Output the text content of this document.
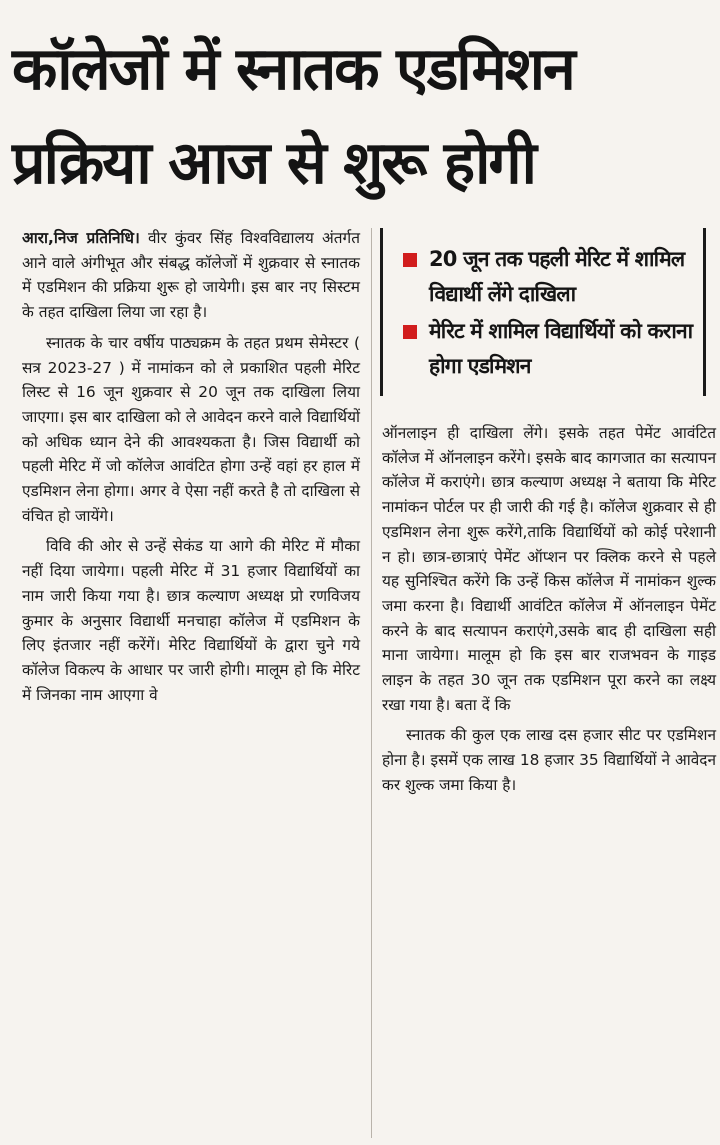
कॉलेजों में स्नातक एडमिशन
प्रक्रिया आज से शुरू होगी

आरा,निज प्रतिनिधि। वीर कुंवर सिंह विश्वविद्यालय अंतर्गत आने वाले अंगीभूत और संबद्ध कॉलेजों में शुक्रवार से स्नातक में एडमिशन की प्रक्रिया शुरू हो जायेगी। इस बार नए सिस्टम के तहत दाखिला लिया जा रहा है।

स्नातक के चार वर्षीय पाठ्यक्रम के तहत प्रथम सेमेस्टर ( सत्र 2023-27 ) में नामांकन को ले प्रकाशित पहली मेरिट लिस्ट से 16 जून शुक्रवार से 20 जून तक दाखिला लिया जाएगा। इस बार दाखिला को ले आवेदन करने वाले विद्यार्थियों को अधिक ध्यान देने की आवश्यकता है। जिस विद्यार्थी को पहली मेरिट में जो कॉलेज आवंटित होगा उन्हें वहां हर हाल में एडमिशन लेना होगा। अगर वे ऐसा नहीं करते है तो दाखिला से वंचित हो जायेंगे।

विवि की ओर से उन्हें सेकंड या आगे की मेरिट में मौका नहीं दिया जायेगा। पहली मेरिट में 31 हजार विद्यार्थियों का नाम जारी किया गया है। छात्र कल्याण अध्यक्ष प्रो रणविजय कुमार के अनुसार विद्यार्थी मनचाहा कॉलेज में एडमिशन के लिए इंतजार नहीं करेंगें। मेरिट विद्यार्थियों के द्वारा चुने गये कॉलेज विकल्प के आधार पर जारी होगी। मालूम हो कि मेरिट में जिनका नाम आएगा वे

20 जून तक पहली मेरिट में शामिल विद्यार्थी लेंगे दाखिला
मेरिट में शामिल विद्यार्थियों को कराना होगा एडमिशन

ऑनलाइन ही दाखिला लेंगे। इसके तहत पेमेंट आवंटित कॉलेज में ऑनलाइन करेंगे। इसके बाद कागजात का सत्यापन कॉलेज में कराएंगे। छात्र कल्याण अध्यक्ष ने बताया कि मेरिट नामांकन पोर्टल पर ही जारी की गई है। कॉलेज शुक्रवार से ही एडमिशन लेना शुरू करेंगे,ताकि विद्यार्थियों को कोई परेशानी न हो। छात्र-छात्राएं पेमेंट ऑप्शन पर क्लिक करने से पहले यह सुनिश्चित करेंगे कि उन्हें किस कॉलेज में नामांकन शुल्क जमा करना है। विद्यार्थी आवंटित कॉलेज में ऑनलाइन पेमेंट करने के बाद सत्यापन कराएंगे,उसके बाद ही दाखिला सही माना जायेगा। मालूम हो कि इस बार राजभवन के गाइड लाइन के तहत 30 जून तक एडमिशन पूरा करने का लक्ष्य रखा गया है। बता दें कि

स्नातक की कुल एक लाख दस हजार सीट पर एडमिशन होना है। इसमें एक लाख 18 हजार 35 विद्यार्थियों ने आवेदन कर शुल्क जमा किया है।
